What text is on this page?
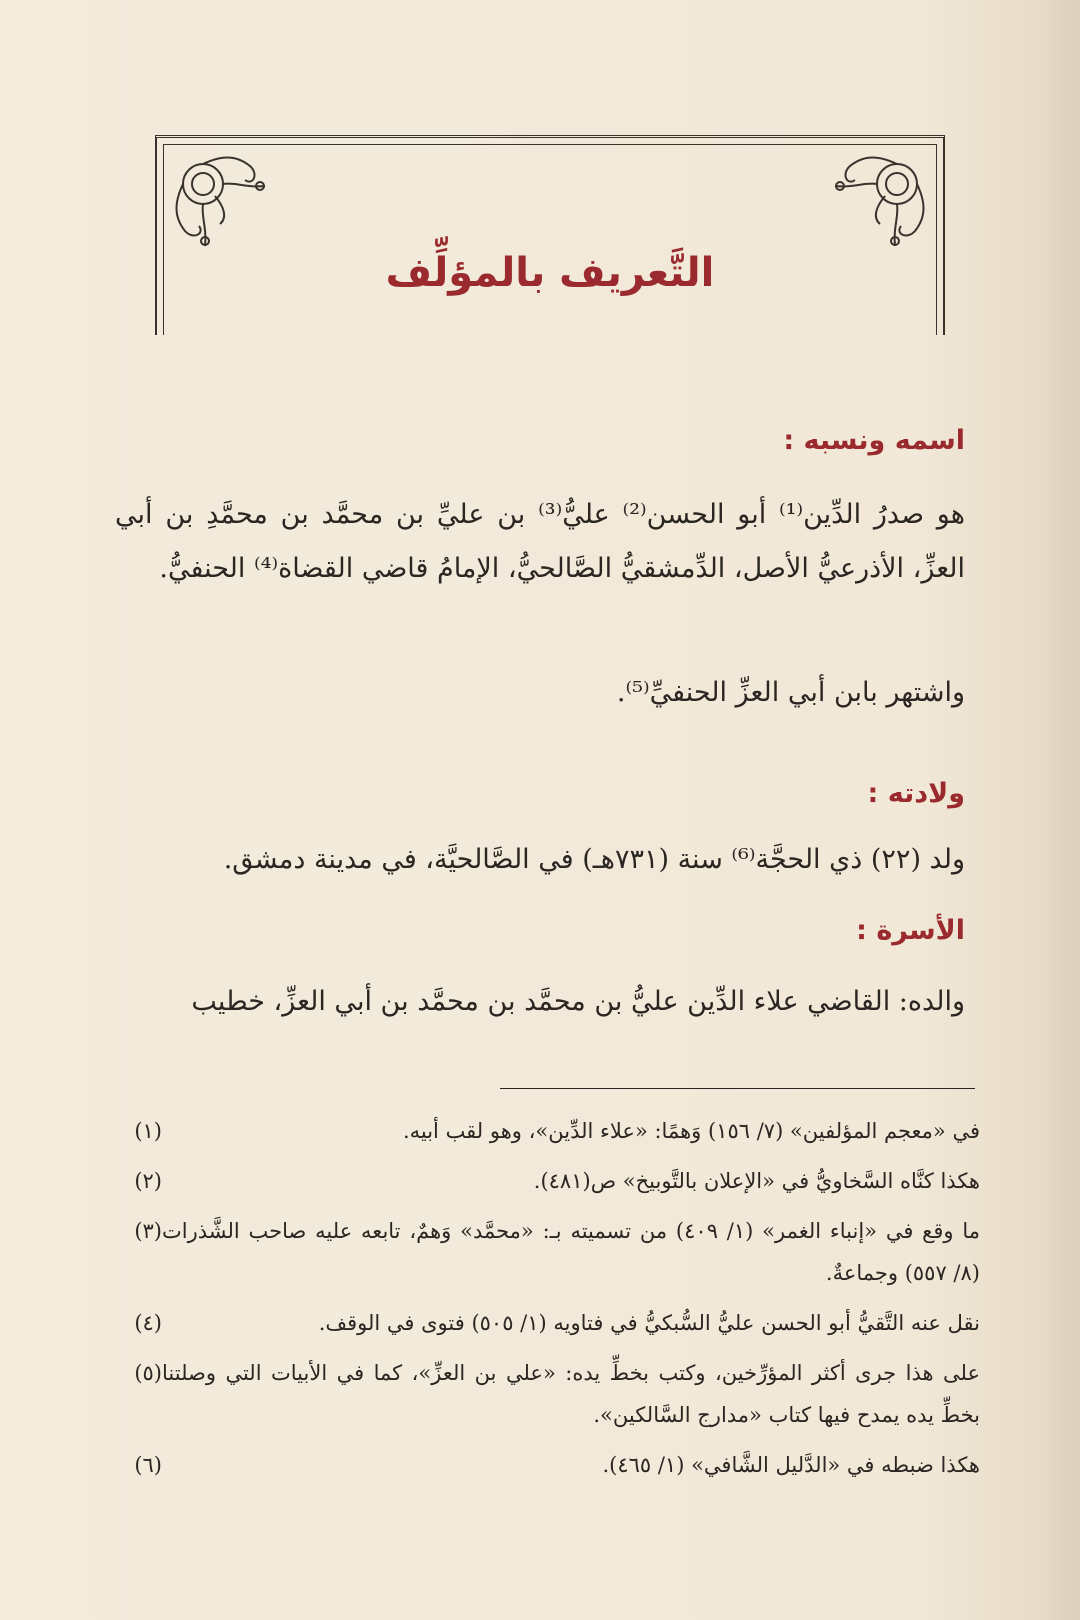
التَّعريف بالمؤلِّف
اسمه ونسبه :
هو صدرُ الدِّين⁽¹⁾ أبو الحسن⁽²⁾ عليُّ⁽³⁾ بن عليِّ بن محمَّد بن محمَّدِ بن أبي العزِّ، الأذرعيُّ الأصل، الدِّمشقيُّ الصَّالحيُّ، الإمامُ قاضي القضاة⁽⁴⁾ الحنفيُّ.
واشتهر بابن أبي العزِّ الحنفيِّ⁽⁵⁾.
ولادته :
ولد (٢٢) ذي الحجَّة⁽⁶⁾ سنة (٧٣١هـ) في الصَّالحيَّة، في مدينة دمشق.
الأسرة :
والده: القاضي علاء الدِّين عليُّ بن محمَّد بن محمَّد بن أبي العزِّ، خطيب
(١)	في «معجم المؤلفين» (٧/ ١٥٦) وَهمًا: «علاء الدِّين»، وهو لقب أبيه.
(٢)	هكذا كنَّاه السَّخاويُّ في «الإعلان بالتَّوبيخ» ص(٤٨١).
(٣) ما وقع في «إنباء الغمر» (١/ ٤٠٩) من تسميته بـ: «محمَّد» وَهمٌ، تابعه عليه صاحب الشَّذرات (٨/ ٥٥٧) وجماعةٌ.
(٤)	نقل عنه التَّقيُّ أبو الحسن عليُّ السُّبكيُّ في فتاويه (١/ ٥٠٥) فتوى في الوقف.
(٥) على هذا جرى أكثر المؤرِّخين، وكتب بخطِّ يده: «علي بن العزِّ»، كما في الأبيات التي وصلتنا بخطِّ يده يمدح فيها كتاب «مدارج السَّالكين».
(٦)	هكذا ضبطه في «الدَّليل الشَّافي» (١/ ٤٦٥).
